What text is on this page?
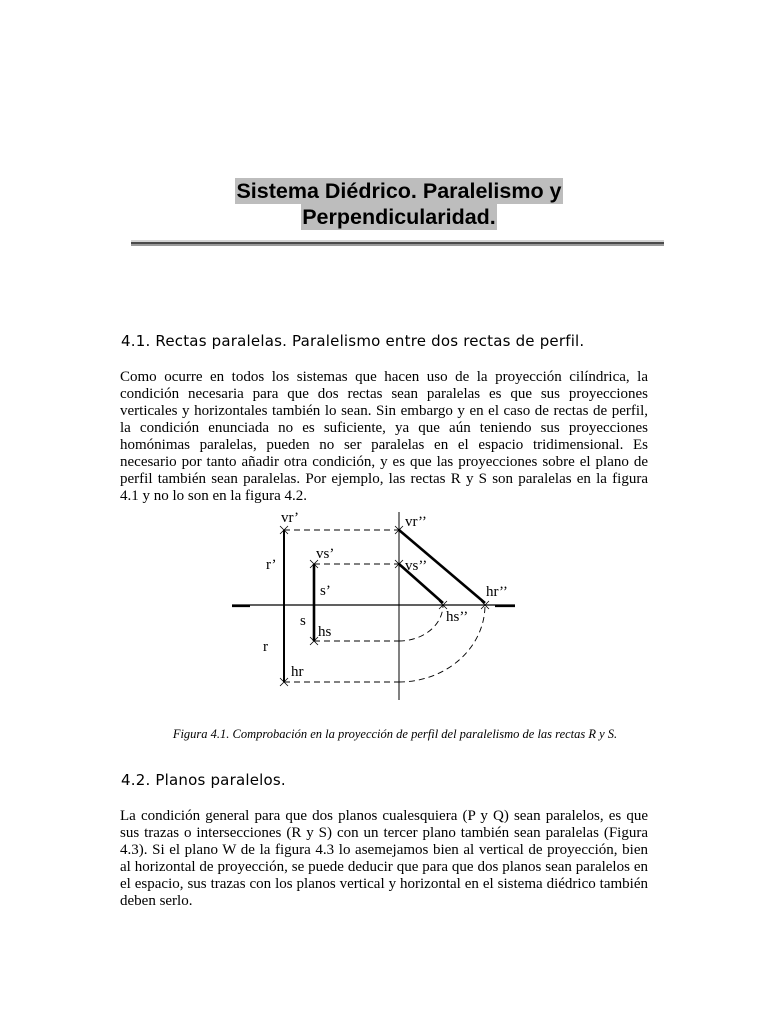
Sistema Diédrico. Paralelismo y
Perpendicularidad.
4.1. Rectas paralelas. Paralelismo entre dos rectas de perfil.

Como ocurre en todos los sistemas que hacen uso de la proyección cilíndrica, la condición necesaria para que dos rectas sean paralelas es que sus proyecciones verticales y horizontales también lo sean. Sin embargo y en el caso de rectas de perfil, la condición enunciada no es suficiente, ya que aún teniendo sus proyecciones homónimas paralelas, pueden no ser paralelas en el espacio tridimensional. Es necesario por tanto añadir otra condición, y es que las proyecciones sobre el plano de perfil también sean paralelas. Por ejemplo, las rectas R y S son paralelas en la figura 4.1 y no lo son en la figura 4.2.

vr’	vr’’
vs’
vs’’
r’
s’	hr’’
hs’’
s
hs
r
hr
Figura 4.1. Comprobación en la proyección de perfil del paralelismo de las rectas R y S.
4.2. Planos paralelos.

La condición general para que dos planos cualesquiera (P y Q) sean paralelos, es que sus trazas o intersecciones (R y S) con un tercer plano también sean paralelas (Figura 4.3). Si el plano W de la figura 4.3 lo asemejamos bien al vertical de proyección, bien al horizontal de proyección, se puede deducir que para que dos planos sean paralelos en el espacio, sus trazas con los planos vertical y horizontal en el sistema diédrico también deben serlo.
